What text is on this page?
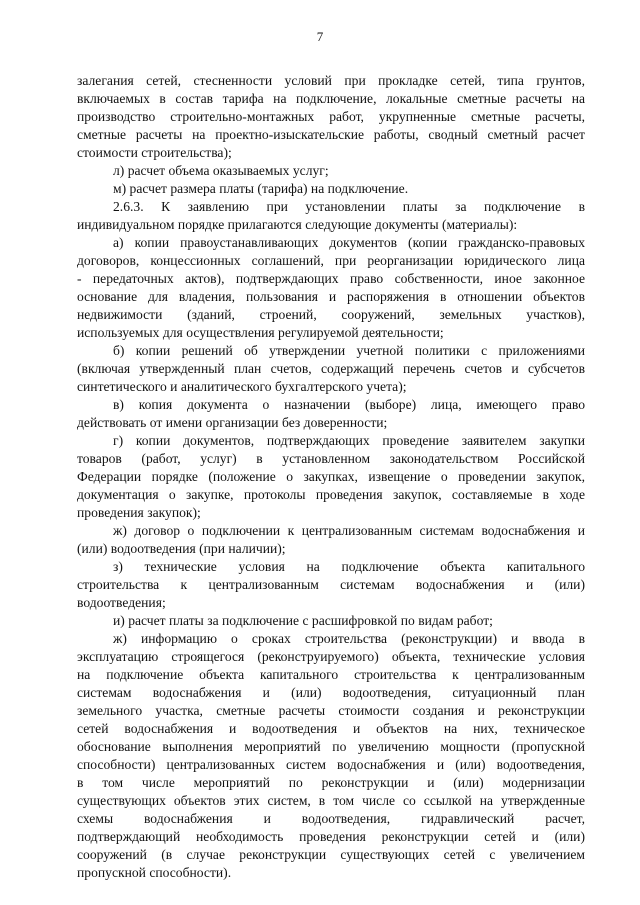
7
залегания сетей, стесненности условий при прокладке сетей, типа грунтов,
включаемых в состав тарифа на подключение, локальные сметные расчеты на
производство строительно-монтажных работ, укрупненные сметные расчеты,
сметные расчеты на проектно-изыскательские работы, сводный сметный расчет
стоимости строительства);
л) расчет объема оказываемых услуг;
м) расчет размера платы (тарифа) на подключение.
2.6.3. К заявлению при установлении платы за подключение в
индивидуальном порядке прилагаются следующие документы (материалы):
а) копии правоустанавливающих документов (копии гражданско-правовых
договоров, концессионных соглашений, при реорганизации юридического лица
- передаточных актов), подтверждающих право собственности, иное законное
основание для владения, пользования и распоряжения в отношении объектов
недвижимости (зданий, строений, сооружений, земельных участков),
используемых для осуществления регулируемой деятельности;
б) копии решений об утверждении учетной политики с приложениями
(включая утвержденный план счетов, содержащий перечень счетов и субсчетов
синтетического и аналитического бухгалтерского учета);
в) копия документа о назначении (выборе) лица, имеющего право
действовать от имени организации без доверенности;
г) копии документов, подтверждающих проведение заявителем закупки
товаров (работ, услуг) в установленном законодательством Российской
Федерации порядке (положение о закупках, извещение о проведении закупок,
документация о закупке, протоколы проведения закупок, составляемые в ходе
проведения закупок);
ж) договор о подключении к централизованным системам водоснабжения и
(или) водоотведения (при наличии);
з) технические условия на подключение объекта капитального
строительства к централизованным системам водоснабжения и (или)
водоотведения;
и) расчет платы за подключение с расшифровкой по видам работ;
ж) информацию о сроках строительства (реконструкции) и ввода в
эксплуатацию строящегося (реконструируемого) объекта, технические условия
на подключение объекта капитального строительства к централизованным
системам водоснабжения и (или) водоотведения, ситуационный план
земельного участка, сметные расчеты стоимости создания и реконструкции
сетей водоснабжения и водоотведения и объектов на них, техническое
обоснование выполнения мероприятий по увеличению мощности (пропускной
способности) централизованных систем водоснабжения и (или) водоотведения,
в том числе мероприятий по реконструкции и (или) модернизации
существующих объектов этих систем, в том числе со ссылкой на утвержденные
схемы водоснабжения и водоотведения, гидравлический расчет,
подтверждающий необходимость проведения реконструкции сетей и (или)
сооружений (в случае реконструкции существующих сетей с увеличением
пропускной способности).
